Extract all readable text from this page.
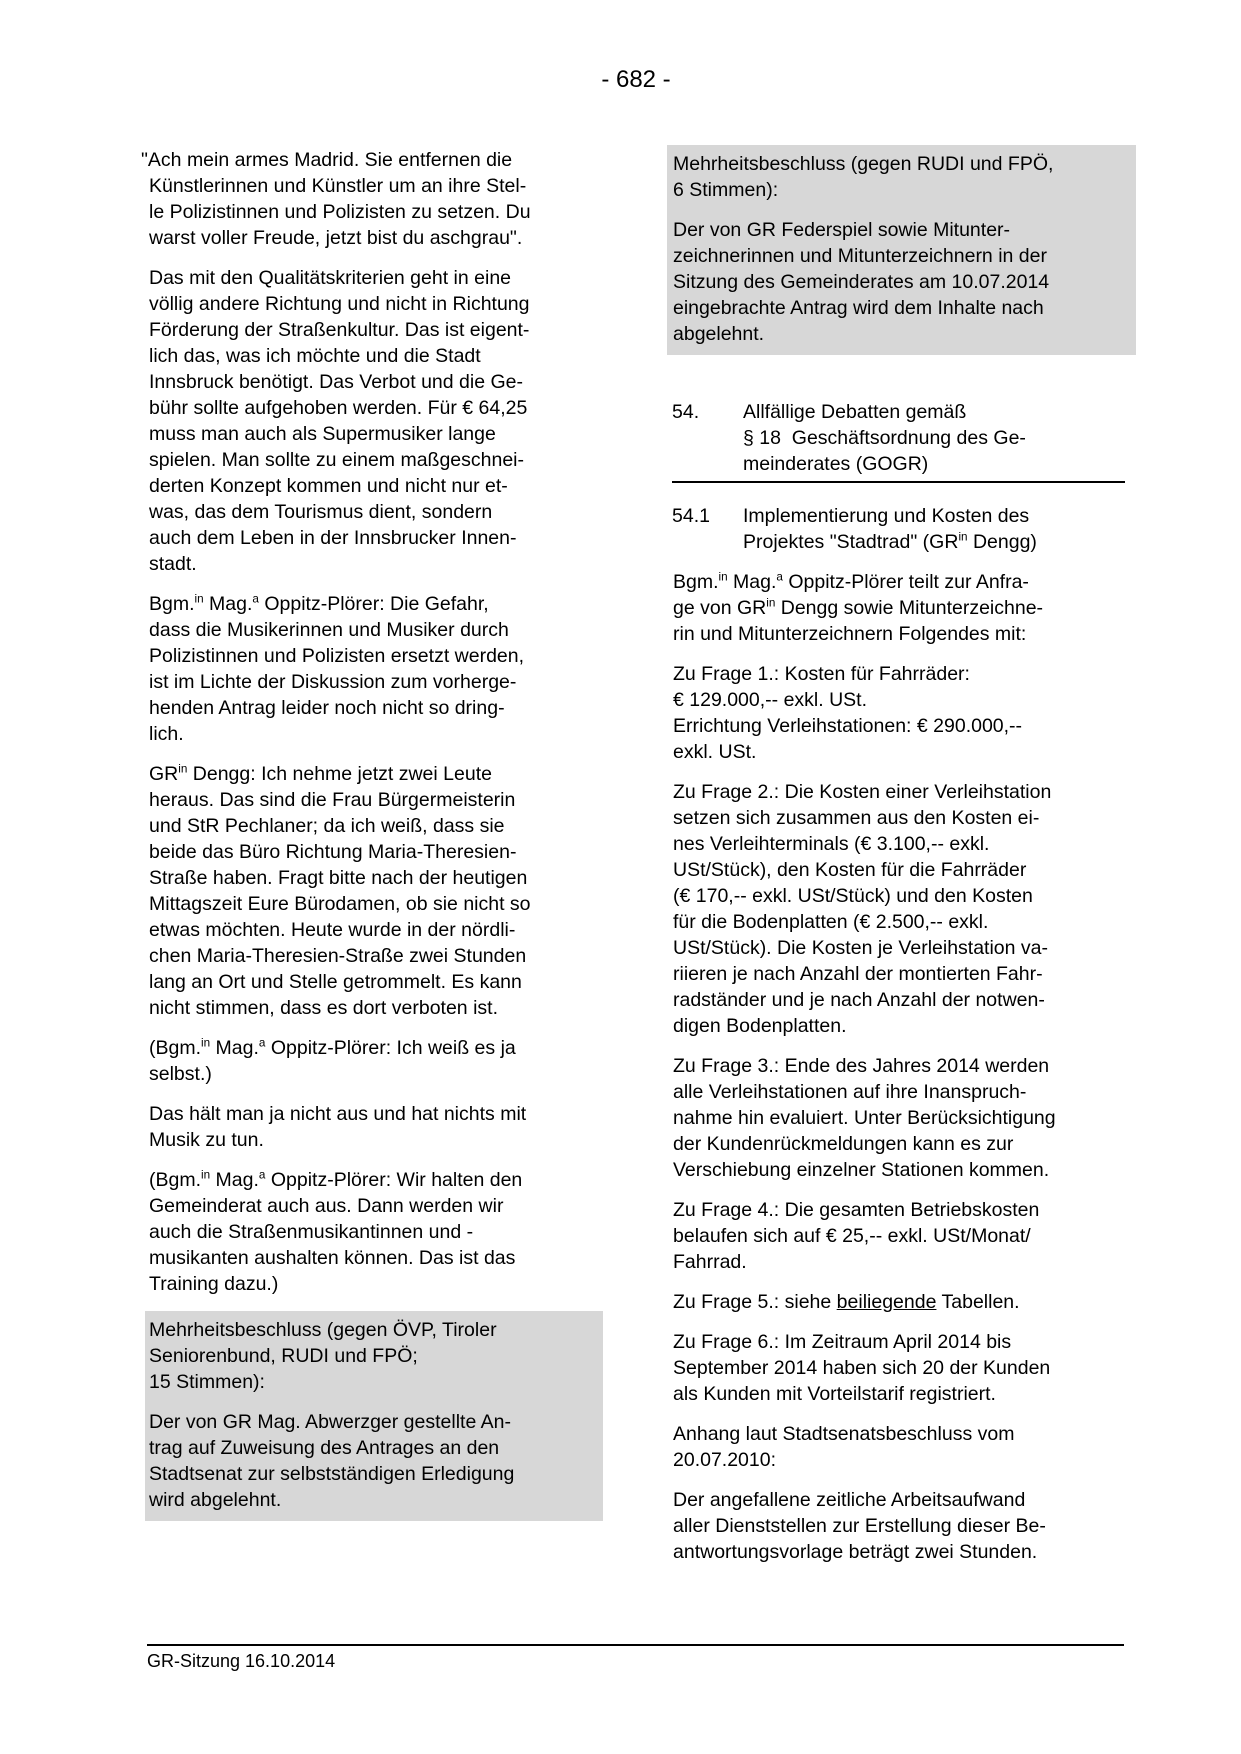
- 682 -
"Ach mein armes Madrid. Sie entfernen die
Künstlerinnen und Künstler um an ihre Stel-
le Polizistinnen und Polizisten zu setzen. Du
warst voller Freude, jetzt bist du aschgrau".
Das mit den Qualitätskriterien geht in eine
völlig andere Richtung und nicht in Richtung
Förderung der Straßenkultur. Das ist eigent-
lich das, was ich möchte und die Stadt
Innsbruck benötigt. Das Verbot und die Ge-
bühr sollte aufgehoben werden. Für € 64,25
muss man auch als Supermusiker lange
spielen. Man sollte zu einem maßgeschnei-
derten Konzept kommen und nicht nur et-
was, das dem Tourismus dient, sondern
auch dem Leben in der Innsbrucker Innen-
stadt.
Bgm.$^{in}$ Mag.$^a$ Oppitz-Plörer: Die Gefahr,
dass die Musikerinnen und Musiker durch
Polizistinnen und Polizisten ersetzt werden,
ist im Lichte der Diskussion zum vorherge-
henden Antrag leider noch nicht so dring-
lich.
$GR^{in}$ Dengg: Ich nehme jetzt zwei Leute
heraus. Das sind die Frau Bürgermeisterin
und StR Pechlaner; da ich weiß, dass sie
beide das Büro Richtung Maria-Theresien-
Straße haben. Fragt bitte nach der heutigen
Mittagszeit Eure Bürodamen, ob sie nicht so
etwas möchten. Heute wurde in der nördli-
chen Maria-Theresien-Straße zwei Stunden
lang an Ort und Stelle getrommelt. Es kann
nicht stimmen, dass es dort verboten ist.
(Bgm.$^{in}$ Mag.$^a$ Oppitz-Plörer: Ich weiß es ja
selbst.)
Das hält man ja nicht aus und hat nichts mit
Musik zu tun.
(Bgm.$^{in}$ Mag.$^a$ Oppitz-Plörer: Wir halten den
Gemeinderat auch aus. Dann werden wir
auch die Straßenmusikantinnen und -
musikanten aushalten können. Das ist das
Training dazu.)
Mehrheitsbeschluss (gegen ÖVP, Tiroler
Seniorenbund, RUDI und FPÖ;
15 Stimmen):
Der von GR Mag. Abwerzger gestellte An-
trag auf Zuweisung des Antrages an den
Stadtsenat zur selbstständigen Erledigung
wird abgelehnt.
Mehrheitsbeschluss (gegen RUDI und FPÖ,
6 Stimmen):
Der von GR Federspiel sowie Mitunter-
zeichnerinnen und Mitunterzeichnern in der
Sitzung des Gemeinderates am 10.07.2014
eingebrachte Antrag wird dem Inhalte nach
abgelehnt.
54.	Allfällige Debatten gemäß
§ 18  Geschäftsordnung des Ge-
meinderates (GOGR)
54.1	Implementierung und Kosten des
Projektes "Stadtrad" ($GR^{in}$ Dengg)
Bgm.$^{in}$ Mag.$^a$ Oppitz-Plörer teilt zur Anfra-
ge von $GR^{in}$ Dengg sowie Mitunterzeichne-
rin und Mitunterzeichnern Folgendes mit:
Zu Frage 1.: Kosten für Fahrräder:
€ 129.000,-- exkl. USt.
Errichtung Verleihstationen: € 290.000,--
exkl. USt.
Zu Frage 2.: Die Kosten einer Verleihstation
setzen sich zusammen aus den Kosten ei-
nes Verleihterminals (€ 3.100,-- exkl.
USt/Stück), den Kosten für die Fahrräder
(€ 170,-- exkl. USt/Stück) und den Kosten
für die Bodenplatten (€ 2.500,-- exkl.
USt/Stück). Die Kosten je Verleihstation va-
riieren je nach Anzahl der montierten Fahr-
radständer und je nach Anzahl der notwen-
digen Bodenplatten.
Zu Frage 3.: Ende des Jahres 2014 werden
alle Verleihstationen auf ihre Inanspruch-
nahme hin evaluiert. Unter Berücksichtigung
der Kundenrückmeldungen kann es zur
Verschiebung einzelner Stationen kommen.
Zu Frage 4.: Die gesamten Betriebskosten
belaufen sich auf € 25,-- exkl. USt/Monat/
Fahrrad.
Zu Frage 5.: siehe beiliegende Tabellen.
Zu Frage 6.: Im Zeitraum April 2014 bis
September 2014 haben sich 20 der Kunden
als Kunden mit Vorteilstarif registriert.
Anhang laut Stadtsenatsbeschluss vom
20.07.2010:
Der angefallene zeitliche Arbeitsaufwand
aller Dienststellen zur Erstellung dieser Be-
antwortungsvorlage beträgt zwei Stunden.
GR-Sitzung 16.10.2014
